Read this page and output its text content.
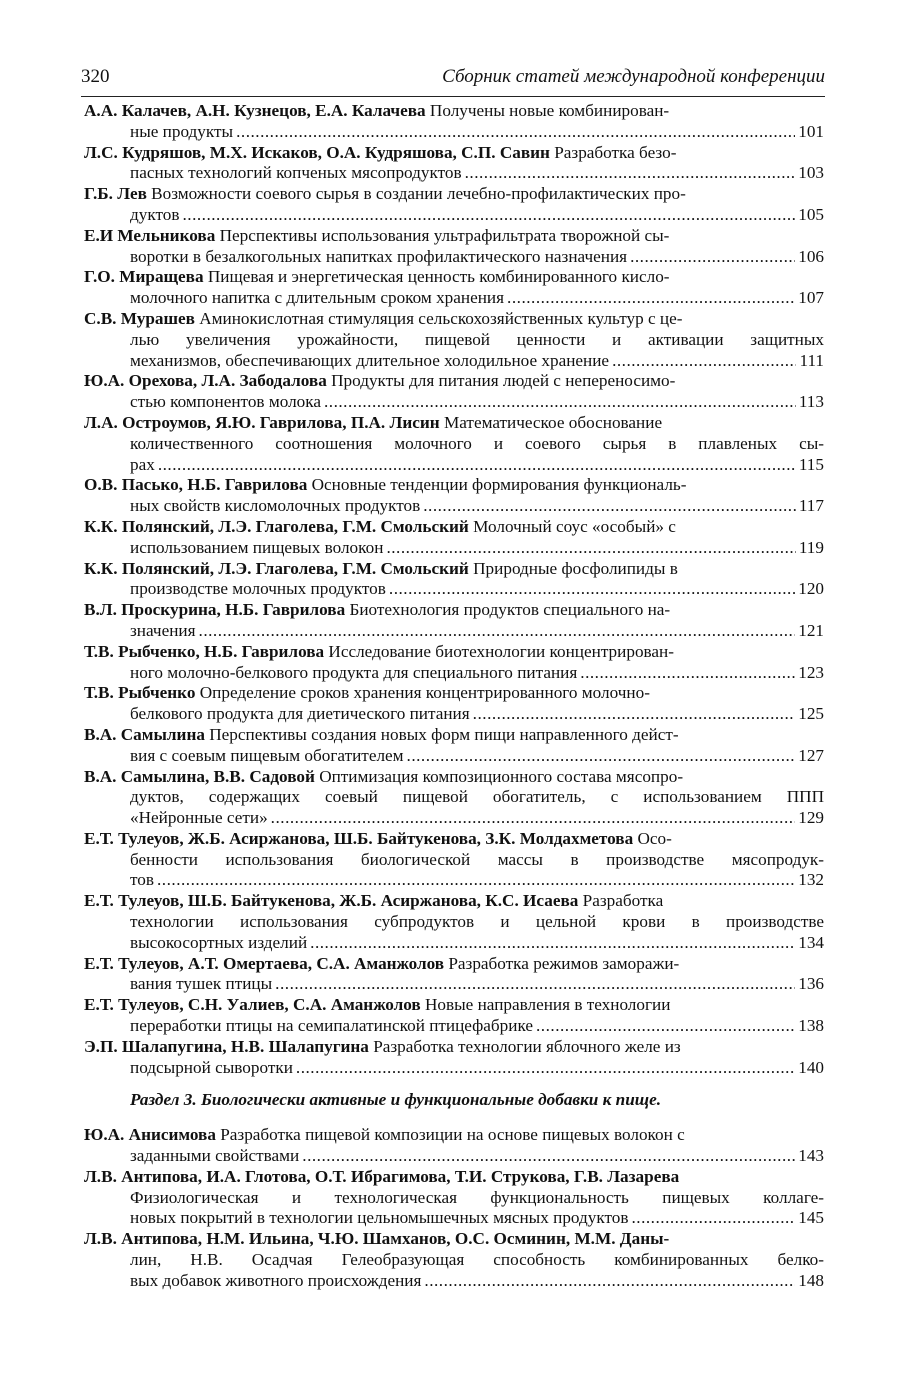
320	Сборник статей международной конференции
А.А. Калачев, А.Н. Кузнецов, Е.А. Калачева Получены новые комбинирован-
ные продукты .....	101
Л.С. Кудряшов, М.Х. Искаков, О.А. Кудряшова, С.П. Савин Разработка безо-
пасных технологий копченых мясопродуктов .....	103
Г.Б. Лев Возможности соевого сырья в создании лечебно-профилактических про-
дуктов .....	105
Е.И Мельникова Перспективы использования ультрафильтрата творожной сы-
воротки в безалкогольных напитках профилактического назначения .....	106
Г.О. Миращева Пищевая и энергетическая ценность комбинированного кисло-
молочного напитка с длительным сроком хранения .....	107
С.В. Мурашев Аминокислотная стимуляция сельскохозяйственных культур с це-
лью увеличения урожайности, пищевой ценности и активации защитных
механизмов, обеспечивающих длительное холодильное хранение .....	111
Ю.А. Орехова, Л.А. Забодалова Продукты для питания людей с непереносимо-
стью компонентов молока .....	113
Л.А. Остроумов, Я.Ю. Гаврилова, П.А. Лисин Математическое обоснование
количественного соотношения молочного и соевого сырья в плавленых сы-
рах .....	115
О.В. Пасько, Н.Б. Гаврилова Основные тенденции формирования функциональ-
ных свойств кисломолочных продуктов .....	117
К.К. Полянский, Л.Э. Глаголева, Г.М. Смольский Молочный соус «особый» с
использованием пищевых волокон .....	119
К.К. Полянский, Л.Э. Глаголева, Г.М. Смольский Природные фосфолипиды в
производстве молочных продуктов .....	120
В.Л. Проскурина, Н.Б. Гаврилова Биотехнология продуктов специального на-
значения .....	121
Т.В. Рыбченко, Н.Б. Гаврилова Исследование биотехнологии концентрирован-
ного молочно-белкового продукта для специального питания .....	123
Т.В. Рыбченко Определение сроков хранения концентрированного молочно-
белкового продукта для диетического питания .....	125
В.А. Самылина Перспективы создания новых форм пищи направленного дейст-
вия с соевым пищевым обогатителем .....	127
В.А. Самылина, В.В. Садовой Оптимизация композиционного состава мясопро-
дуктов, содержащих соевый пищевой обогатитель, с использованием ППП
«Нейронные сети» .....	129
Е.Т. Тулеуов, Ж.Б. Асиржанова, Ш.Б. Байтукенова, З.К. Молдахметова Осо-
бенности использования биологической массы в производстве мясопродук-
тов .....	132
Е.Т. Тулеуов, Ш.Б. Байтукенова, Ж.Б. Асиржанова, К.С. Исаева Разработка
технологии использования субпродуктов и цельной крови в производстве
высокосортных изделий .....	134
Е.Т. Тулеуов, А.Т. Омертаева, С.А. Аманжолов Разработка режимов заморажи-
вания тушек птицы .....	136
Е.Т. Тулеуов, С.Н. Уалиев, С.А. Аманжолов Новые направления в технологии
переработки птицы на семипалатинской птицефабрике .....	138
Э.П. Шалапугина, Н.В. Шалапугина Разработка технологии яблочного желе из
подсырной сыворотки .....	140
Раздел 3. Биологически активные и функциональные добавки к пище.
Ю.А. Анисимова Разработка пищевой композиции на основе пищевых волокон с
заданными свойствами .....	143
Л.В. Антипова, И.А. Глотова, О.Т. Ибрагимова, Т.И. Струкова, Г.В. Лазарева
Физиологическая и технологическая функциональность пищевых коллаге-
новых покрытий в технологии цельномышечных мясных продуктов .....	145
Л.В. Антипова, Н.М. Ильина, Ч.Ю. Шамханов, О.С. Осминин, М.М. Даны-
лин, Н.В. Осадчая Гелеобразующая способность комбинированных белко-
вых добавок животного происхождения .....	148
